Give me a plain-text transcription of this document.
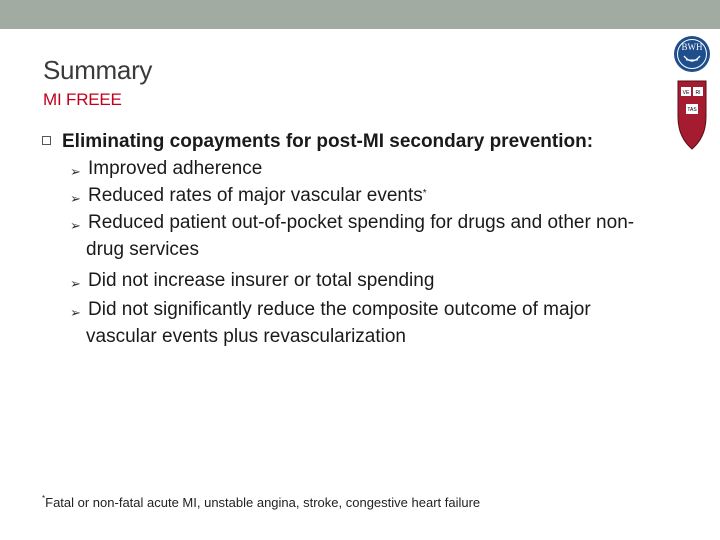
Summary
MI FREEE
BWH
VE RI
TAS
Eliminating copayments for post-MI secondary prevention:
➢ Improved adherence
➢ Reduced rates of major vascular events*
➢ Reduced patient out-of-pocket spending for drugs and other non-
drug services
➢ Did not increase insurer or total spending
➢ Did not significantly reduce the composite outcome of major
vascular events plus revascularization
*Fatal or non-fatal acute MI, unstable angina, stroke, congestive heart failure
